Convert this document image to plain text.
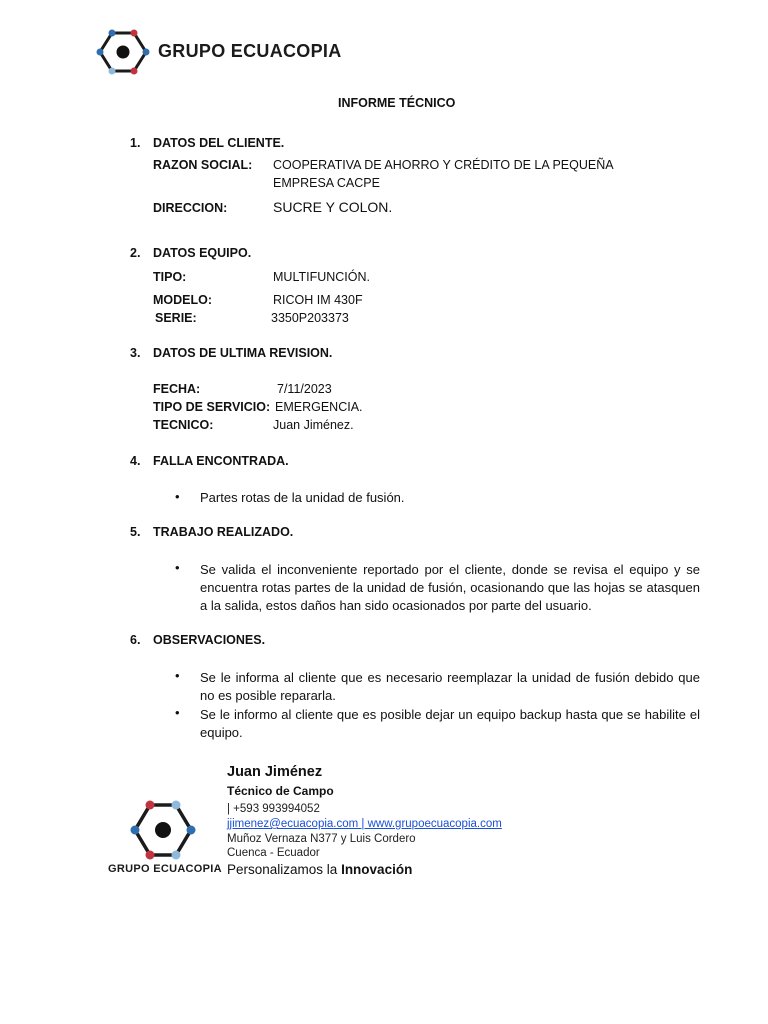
GRUPO ECUACOPIA
INFORME TÉCNICO
1. DATOS DEL CLIENTE.
RAZON SOCIAL: COOPERATIVA DE AHORRO Y CRÉDITO DE LA PEQUEÑA
EMPRESA CACPE
DIRECCION:	SUCRE Y COLON.
2. DATOS EQUIPO.
TIPO:	MULTIFUNCIÓN.
MODELO:	RICOH IM 430F
SERIE:	3350P203373
3. DATOS DE ULTIMA REVISION.
FECHA:	7/11/2023
TIPO DE SERVICIO: EMERGENCIA.
TECNICO:	Juan Jiménez.
4. FALLA ENCONTRADA.
• Partes rotas de la unidad de fusión.
5. TRABAJO REALIZADO.
• Se valida el inconveniente reportado por el cliente, donde se revisa el equipo y se encuentra rotas partes de la unidad de fusión, ocasionando que las hojas se atasquen a la salida, estos daños han sido ocasionados por parte del usuario.
6. OBSERVACIONES.
• Se le informa al cliente que es necesario reemplazar la unidad de fusión debido que no es posible repararla.
• Se le informo al cliente que es posible dejar un equipo backup hasta que se habilite el equipo.
GRUPO ECUACOPIA
Juan Jiménez
Técnico de Campo
| +593 993994052
jjimenez@ecuacopia.com | www.grupoecuacopia.com
Muñoz Vernaza N377 y Luis Cordero
Cuenca - Ecuador
Personalizamos la Innovación
